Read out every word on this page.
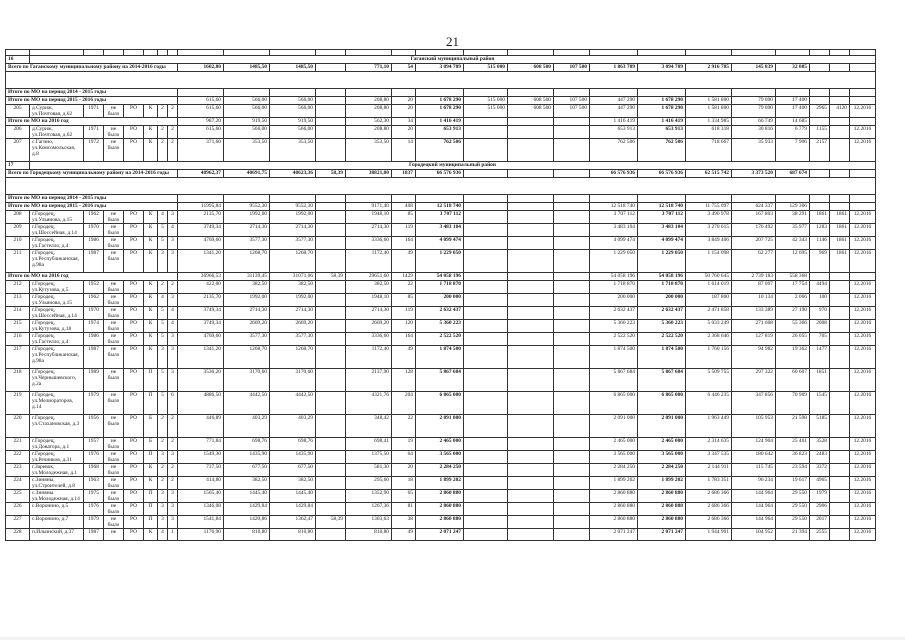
21

16	Гаганский муниципальный район																								
Всего по Гаганскому муниципальному району на 2014-2016 годы								1602,80	1485,50	1485,50		771,10	54	3 094 709	515 000	608 500	107 500	1 863 709	3 094 709	2 916 785	145 839	32 085			

Итого по МО на период 2014 - 2015 годы																									
Итого по МО на период 2015 - 2016 годы								615,60	566,00	566,00		208,80	20	1 678 290	515 000	608 500	107 500	447 290	1 678 290	1 581 800	79 090	17 400			
205	д.Суриж, ул.Почтовая, д.62	1971	не было	РО	К	2	2	615,60	566,00	566,00		208,80	20	1 678 290	515 000	608 500	107 500	447 290	1 678 290	1 581 800	79 090	17 400	2965	4120	12.2016
Итого по МО на 2016 год								987,20	919,50	919,50		562,30	34	1 416 419				1 416 419	1 416 419	1 334 985	66 749	14 685			
206	д.Суриж, ул.Почтовая, д.62	1971	не было	РО	К	2	2	615,60	566,00	566,00		208,80	20	653 913				653 913	653 913	618 318	30 816	6 779	1155		12.2016
207	с.Гагино, ул.Комсомольская, д.8	1972	не было	РО	К	2	2	371,60	353,50	353,50		353,50	14	762 506				762 506	762 506	718 667	35 933	7 906	2157		12.2016
17	Городецкий муниципальный район																								
Всего по Городецкому муниципальному району на 2014-2016 годы								48962,37	40691,75	40623,36	58,39	38821,00	1837	66 576 936				66 576 936	66 576 936	62 515 742	3 373 520	687 674			

Итого по МО на период 2014 - 2015 годы																									
Итого по МО на период 2015 - 2016 годы								11995,84	9552,30	9552,30		9171,40	408	12 518 740				12 518 740	12 518 740	11 755 097	624 337	129 306			
208	г.Городец, ул.Ульянова, д.15	1962	не было	РО	К	4	3	2135,70	1992,00	1992,00		1948,10	85	3 707 112				3 707 112	3 707 112	3 490 978	167 803	38 291	1861	1861	12.2016
209	г.Городец, ул.Шоссейная, д.14	1970	не было	РО	К	5	4	3749,34	2714,30	2714,30		2714,30	119	3 483 104				3 483 104	3 483 104	3 270 615	176 492	35 977	1283	1861	12.2016
210	г.Городец, ул.Гастелло, д.4	1986	не было	РО	К	5	3	4769,60	3577,30	3577,30		3336,60	164	4 099 474				4 099 474	4 099 474	3 849 406	207 725	42 343	1146	1861	12.2016
211	г.Городец, ул.Республиканская, д.98а	1987	не было	РО	К	3	3	1341,20	1268,70	1268,70		1172,40	49	1 229 050				1 229 050	1 229 050	1 154 098	62 277	12 695	969	1861	12.2016
Итого по МО на 2016 год								36966,53	31139,45	31071,06	58,39	29651,60	1429	54 058 196				54 058 196	54 058 196	50 760 645	2 739 183	558 368			
212	г.Городец, ул.Кутузова, д.5	1952	не было	РО	К	2	2	422,00	382,50	382,50		382,50	22	1 718 870				1 718 870	1 718 870	1 614 019	87 097	17 754	4494		12.2016
213	г.Городец, ул.Ульянова, д.15	1962	не было	РО	К	4	3	2135,70	1992,00	1992,00		1948,10	85	200 000				200 000	200 000	187 800	10 134	2 066	100		12.2016
214	г.Городец, ул.Шоссейная, д.14	1970	не было	РО	К	5	4	3749,34	2714,30	2714,30		2714,30	119	2 632 437				2 632 437	2 632 437	2 471 858	133 389	27 190	970		12.2016
215	г.Городец, ул.Кутузова, д.18	1974	не было	РО	К	5	4	3749,34	2669,20	2669,20		2669,20	120	5 360 223				5 360 223	5 360 223	5 033 249	271 608	55 366	2008		12.2016
216	г.Городец, ул.Гастелло, д.4	1986	не было	РО	К	5	3	4769,60	3577,30	3577,30		3336,60	164	2 522 520				2 522 520	2 522 520	2 368 646	127 819	26 055	705		12.2016
217	г.Городец, ул.Республиканская, д.98а	1987	не было	РО	К	3	3	1341,20	1268,70	1268,70		1172,40	49	1 874 500				1 874 500	1 874 500	1 760 156	94 982	19 362	1477		12.2016
218	г.Городец, ул.Чернышевского, д.2а	1989	не было	РО	П	5	3	3536,20	3170,60	3170,60		2137,90	128	5 867 684				5 867 684	5 867 684	5 509 755	297 322	60 607	1851		12.2016
219	г.Городец, ул.Мелиораторов, д.14	1979	не было	РО	П	5	6	4886,50	4442,50	4442,50		4321,76	204	6 865 000				6 865 000	6 865 000	6 446 235	347 856	70 909	1545		12.2016
220	г.Городец, ул.Стахановская, д.3	1956	не было	РО	Б	2	2	446,89	403,29	403,29		348,42	22	2 091 000				2 091 000	2 091 000	1 963 449	105 953	21 598	5185		12.2016
221	г.Городец, ул.Доватора, д.1	1957	не было	РО	Б	2	2	771,84	698,76	698,76		698,41	19	2 465 000				2 465 000	2 465 000	2 314 635	124 904	25 461	3528		12.2016
222	г.Городец, ул.Речников, д.31	1976	не было	РО	П	3	3	1549,30	1435,90	1435,90		1375,50	64	3 565 000				3 565 000	3 565 000	3 347 535	180 642	36 823	2483		12.2016
223	г.Заревок, ул.Молодежная, д.1	1968	не было	РО	К	2	2	737,50	677,50	677,50		581,30	20	2 284 250				2 284 250	2 284 250	2 144 911	115 745	23 594	3372		12.2016
224	с.Зиняны, ул.Строителей, д.8	1963	не было	РО	К	2	2	414,80	382,50	382,50		295,60	18	1 899 202				1 899 202	1 899 202	1 783 351	96 234	19 617	4965		12.2016
225	с.Зиняны ул.Молодежная, д.14	1975	не было	РО	П	3	3	1565,40	1445,40	1445,40		1352,90	65	2 860 880				2 860 880	2 860 880	2 686 366	144 964	29 550	1979		12.2016
226	с.Воронино, д.5	1976	не было	РО	П	3	3	1346,08	1429,84	1429,84		1267,36	81	2 860 880				2 860 880	2 860 880	2 686 366	144 964	29 550	2906		12.2016
227	с.Воронино, д.7	1979	не было	РО	П	3	3	1541,84	1420,86	1362,47	58,39	1303,63	38	2 860 880				2 860 880	2 860 880	2 686 366	144 964	29 550	2017		12.2016
228	п.Ильинский, д.37	1987	не	РО	К	4	1	1176,90	810,80	810,80		810,80	49	2 071 247				2 071 247	2 071 247	1 944 901	104 952	21 394	2555		12.2016
